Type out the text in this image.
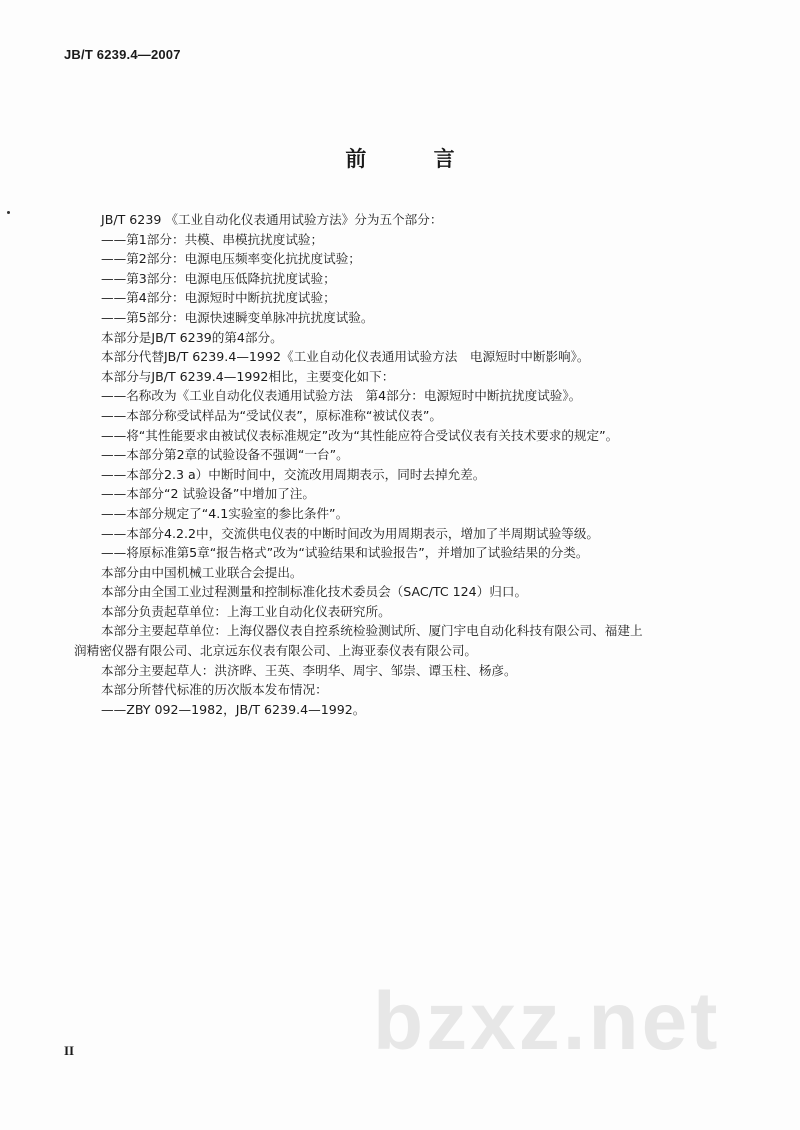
JB/T 6239.4—2007
前 言
JB/T 6239 《工业自动化仪表通用试验方法》分为五个部分：
——第1部分：共模、串模抗扰度试验；
——第2部分：电源电压频率变化抗扰度试验；
——第3部分：电源电压低降抗扰度试验；
——第4部分：电源短时中断抗扰度试验；
——第5部分：电源快速瞬变单脉冲抗扰度试验。
本部分是JB/T 6239的第4部分。
本部分代替JB/T 6239.4—1992《工业自动化仪表通用试验方法　电源短时中断影响》。
本部分与JB/T 6239.4—1992相比，主要变化如下：
——名称改为《工业自动化仪表通用试验方法　第4部分：电源短时中断抗扰度试验》。
——本部分称受试样品为“受试仪表”，原标准称“被试仪表”。
——将“其性能要求由被试仪表标准规定”改为“其性能应符合受试仪表有关技术要求的规定”。
——本部分第2章的试验设备不强调“一台”。
——本部分2.3 a）中断时间中，交流改用周期表示，同时去掉允差。
——本部分“2 试验设备”中增加了注。
——本部分规定了“4.1实验室的参比条件”。
——本部分4.2.2中，交流供电仪表的中断时间改为用周期表示，增加了半周期试验等级。
——将原标准第5章“报告格式”改为“试验结果和试验报告”，并增加了试验结果的分类。
本部分由中国机械工业联合会提出。
本部分由全国工业过程测量和控制标准化技术委员会（SAC/TC 124）归口。
本部分负责起草单位：上海工业自动化仪表研究所。
本部分主要起草单位：上海仪器仪表自控系统检验测试所、厦门宇电自动化科技有限公司、福建上
润精密仪器有限公司、北京远东仪表有限公司、上海亚泰仪表有限公司。
本部分主要起草人：洪济晔、王英、李明华、周宇、邹崇、谭玉柱、杨彦。
本部分所替代标准的历次版本发布情况：
——ZBY 092—1982，JB/T 6239.4—1992。
II	bzxz.net
